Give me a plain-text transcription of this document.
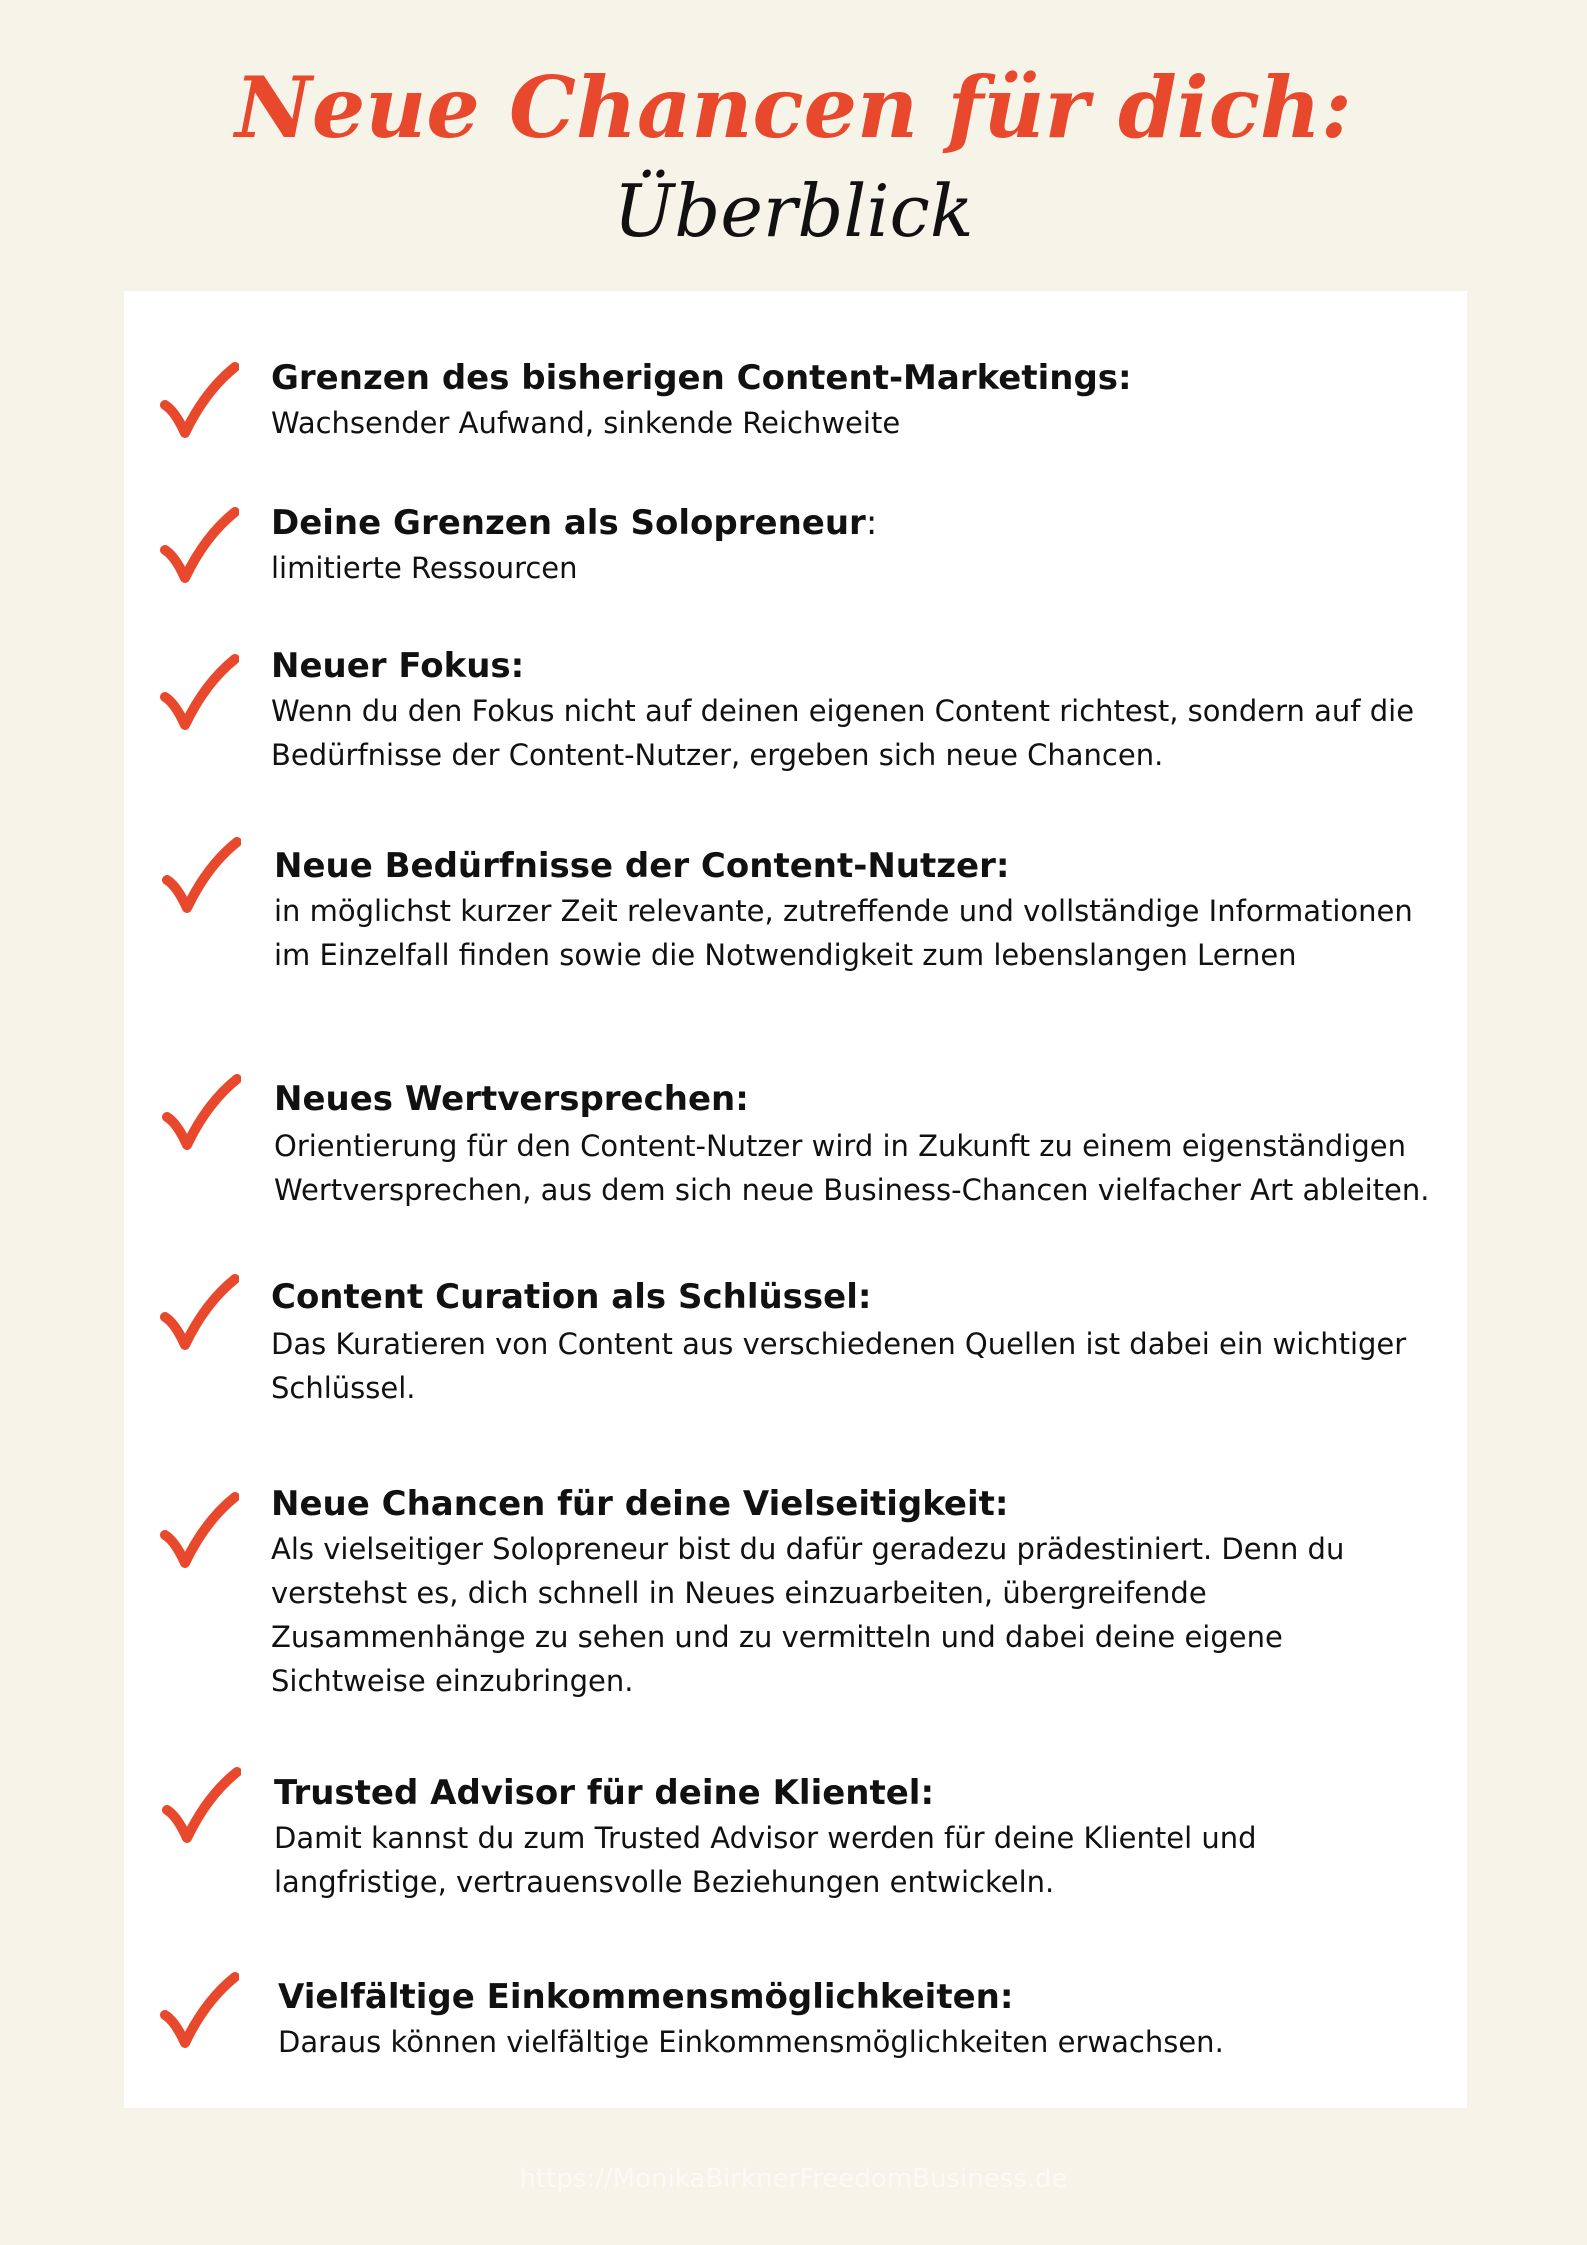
Neue Chancen für dich:
Überblick
Grenzen des bisherigen Content-Marketings:
Wachsender Aufwand, sinkende Reichweite
Deine Grenzen als Solopreneur:
limitierte Ressourcen
Neuer Fokus:
Wenn du den Fokus nicht auf deinen eigenen Content richtest, sondern auf die Bedürfnisse der Content-Nutzer, ergeben sich neue Chancen.
Neue Bedürfnisse der Content-Nutzer:
in möglichst kurzer Zeit relevante, zutreffende und vollständige Informationen im Einzelfall finden sowie die Notwendigkeit zum lebenslangen Lernen
Neues Wertversprechen:
Orientierung für den Content-Nutzer wird in Zukunft zu einem eigenständigen Wertversprechen, aus dem sich neue Business-Chancen vielfacher Art ableiten.
Content Curation als Schlüssel:
Das Kuratieren von Content aus verschiedenen Quellen ist dabei ein wichtiger Schlüssel.
Neue Chancen für deine Vielseitigkeit:
Als vielseitiger Solopreneur bist du dafür geradezu prädestiniert. Denn du verstehst es, dich schnell in Neues einzuarbeiten, übergreifende Zusammenhänge zu sehen und zu vermitteln und dabei deine eigene Sichtweise einzubringen.
Trusted Advisor für deine Klientel:
Damit kannst du zum Trusted Advisor werden für deine Klientel und langfristige, vertrauensvolle Beziehungen entwickeln.
Vielfältige Einkommensmöglichkeiten:
Daraus können vielfältige Einkommensmöglichkeiten erwachsen.
https://MonikaBirknerFreedomBusiness.de
